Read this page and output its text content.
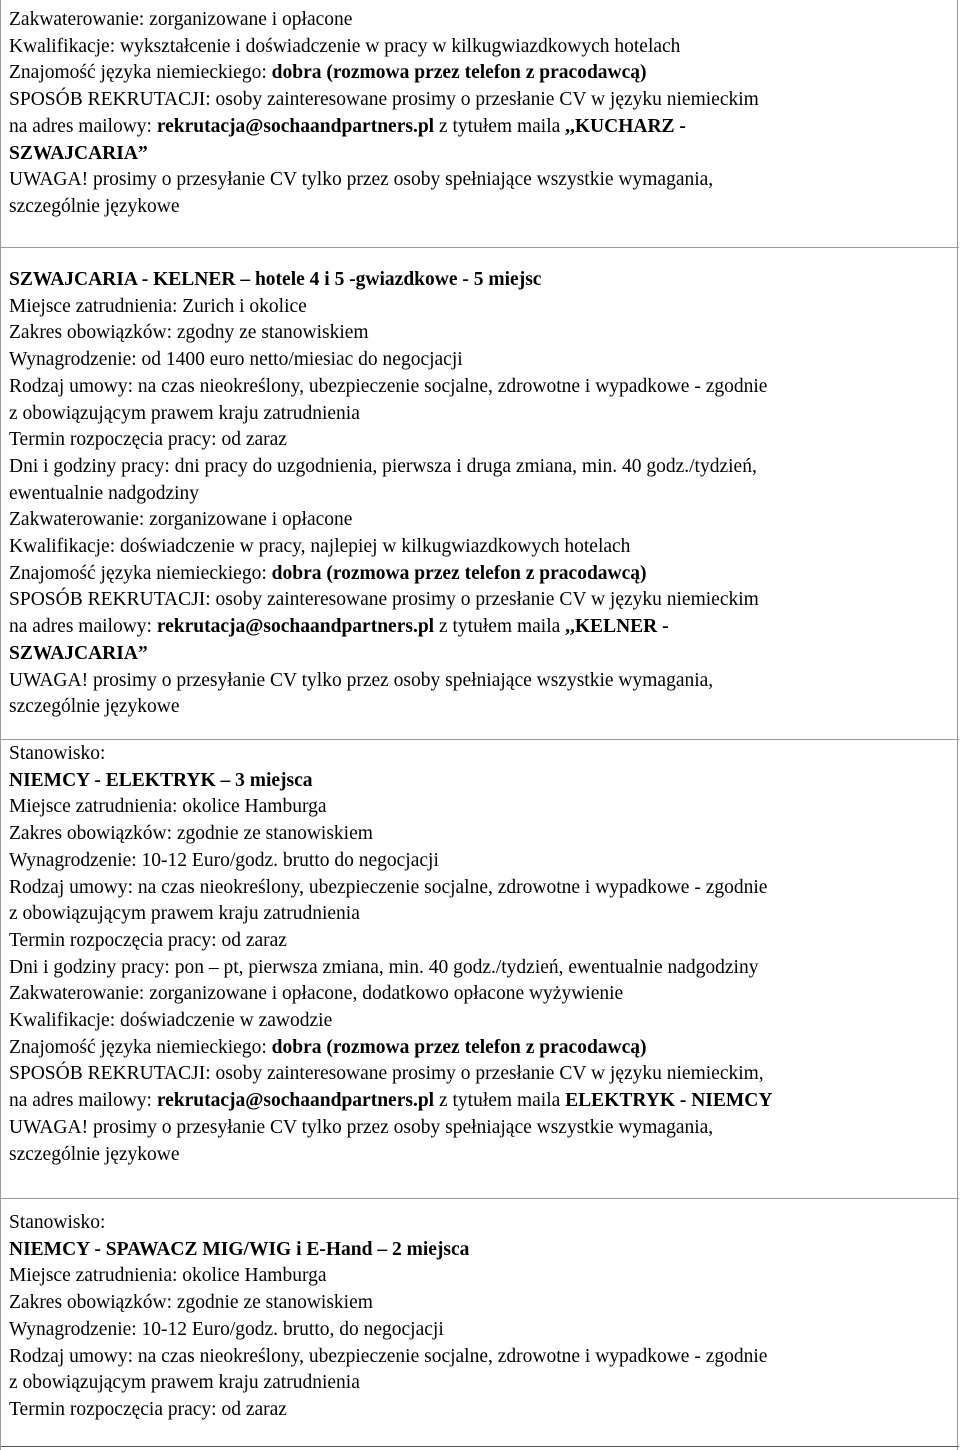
Zakwaterowanie: zorganizowane i opłacone
Kwalifikacje: wykształcenie i doświadczenie w pracy w kilkugwiazdkowych hotelach
Znajomość języka niemieckiego: dobra (rozmowa przez telefon z pracodawcą)
SPOSÓB REKRUTACJI: osoby zainteresowane prosimy o przesłanie CV w języku niemieckim
na adres mailowy: rekrutacja@sochaandpartners.pl z tytułem maila ,,KUCHARZ -
SZWAJCARIA”
UWAGA! prosimy o przesyłanie CV tylko przez osoby spełniające wszystkie wymagania,
szczególnie językowe
SZWAJCARIA - KELNER – hotele 4 i 5 -gwiazdkowe - 5 miejsc
Miejsce zatrudnienia: Zurich i okolice
Zakres obowiązków: zgodny ze stanowiskiem
Wynagrodzenie: od 1400 euro netto/miesiac do negocjacji
Rodzaj umowy: na czas nieokreślony, ubezpieczenie socjalne, zdrowotne i wypadkowe - zgodnie
z obowiązującym prawem kraju zatrudnienia
Termin rozpoczęcia pracy: od zaraz
Dni i godziny pracy: dni pracy do uzgodnienia, pierwsza i druga zmiana, min. 40 godz./tydzień,
ewentualnie nadgodziny
Zakwaterowanie: zorganizowane i opłacone
Kwalifikacje: doświadczenie w pracy, najlepiej w kilkugwiazdkowych hotelach
Znajomość języka niemieckiego: dobra (rozmowa przez telefon z pracodawcą)
SPOSÓB REKRUTACJI: osoby zainteresowane prosimy o przesłanie CV w języku niemieckim
na adres mailowy: rekrutacja@sochaandpartners.pl z tytułem maila ,,KELNER -
SZWAJCARIA”
UWAGA! prosimy o przesyłanie CV tylko przez osoby spełniające wszystkie wymagania,
szczególnie językowe
Stanowisko:
NIEMCY - ELEKTRYK – 3 miejsca
Miejsce zatrudnienia: okolice Hamburga
Zakres obowiązków: zgodnie ze stanowiskiem
Wynagrodzenie: 10-12 Euro/godz. brutto do negocjacji
Rodzaj umowy: na czas nieokreślony, ubezpieczenie socjalne, zdrowotne i wypadkowe - zgodnie
z obowiązującym prawem kraju zatrudnienia
Termin rozpoczęcia pracy: od zaraz
Dni i godziny pracy: pon – pt, pierwsza zmiana, min. 40 godz./tydzień, ewentualnie nadgodziny
Zakwaterowanie: zorganizowane i opłacone, dodatkowo opłacone wyżywienie
Kwalifikacje: doświadczenie w zawodzie
Znajomość języka niemieckiego: dobra (rozmowa przez telefon z pracodawcą)
SPOSÓB REKRUTACJI: osoby zainteresowane prosimy o przesłanie CV w języku niemieckim,
na adres mailowy: rekrutacja@sochaandpartners.pl z tytułem maila ELEKTRYK - NIEMCY
UWAGA! prosimy o przesyłanie CV tylko przez osoby spełniające wszystkie wymagania,
szczególnie językowe
Stanowisko:
NIEMCY - SPAWACZ MIG/WIG i E-Hand – 2 miejsca
Miejsce zatrudnienia: okolice Hamburga
Zakres obowiązków: zgodnie ze stanowiskiem
Wynagrodzenie: 10-12 Euro/godz. brutto, do negocjacji
Rodzaj umowy: na czas nieokreślony, ubezpieczenie socjalne, zdrowotne i wypadkowe - zgodnie
z obowiązującym prawem kraju zatrudnienia
Termin rozpoczęcia pracy: od zaraz
